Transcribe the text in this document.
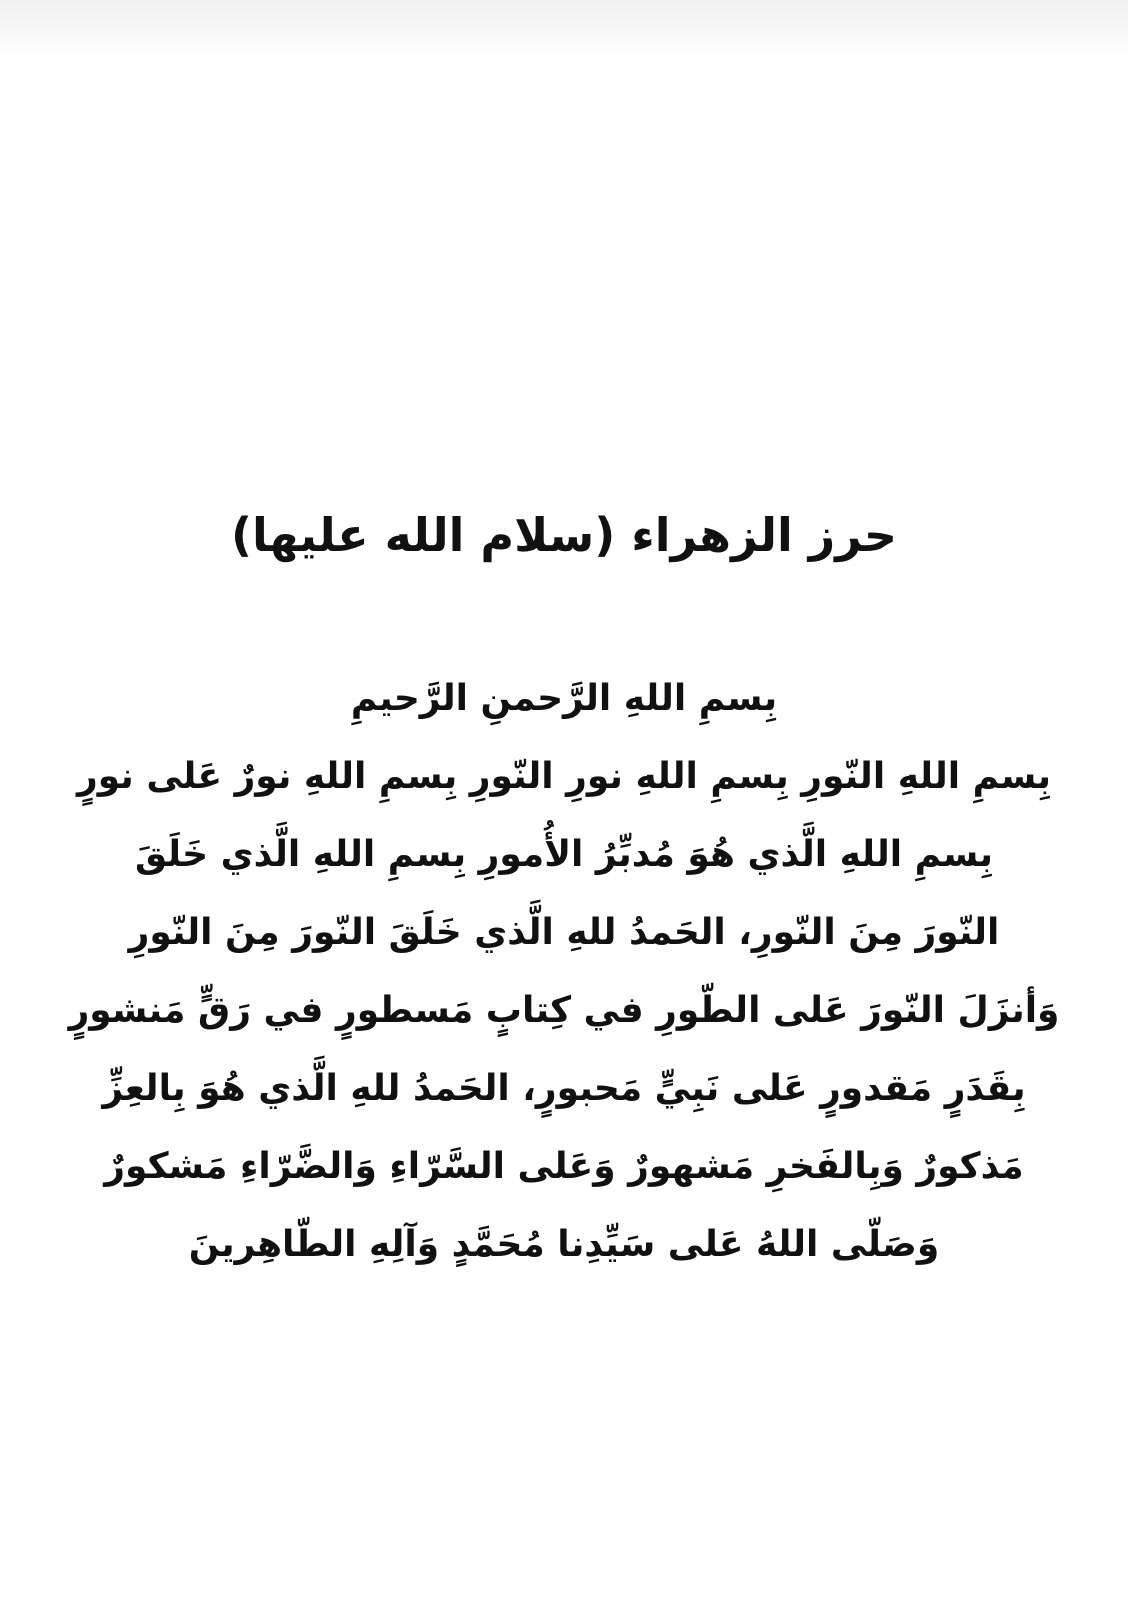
حرز الزهراء (سلام الله عليها)
بِسمِ اللهِ الرَّحمنِ الرَّحيمِ
بِسمِ اللهِ النّورِ بِسمِ اللهِ نورِ النّورِ بِسمِ اللهِ نورٌ عَلى نورٍ
بِسمِ اللهِ الَّذي هُوَ مُدبِّرُ الأُمورِ بِسمِ اللهِ الَّذي خَلَقَ
النّورَ مِنَ النّورِ، الحَمدُ للهِ الَّذي خَلَقَ النّورَ مِنَ النّورِ
وَأنزَلَ النّورَ عَلى الطّورِ في كِتابٍ مَسطورٍ في رَقٍّ مَنشورٍ
بِقَدَرٍ مَقدورٍ عَلى نَبِيٍّ مَحبورٍ، الحَمدُ للهِ الَّذي هُوَ بِالعِزِّ
مَذكورٌ وَبِالفَخرِ مَشهورٌ وَعَلى السَّرّاءِ وَالضَّرّاءِ مَشكورٌ
وَصَلّى اللهُ عَلى سَيِّدِنا مُحَمَّدٍ وَآلِهِ الطّاهِرينَ
